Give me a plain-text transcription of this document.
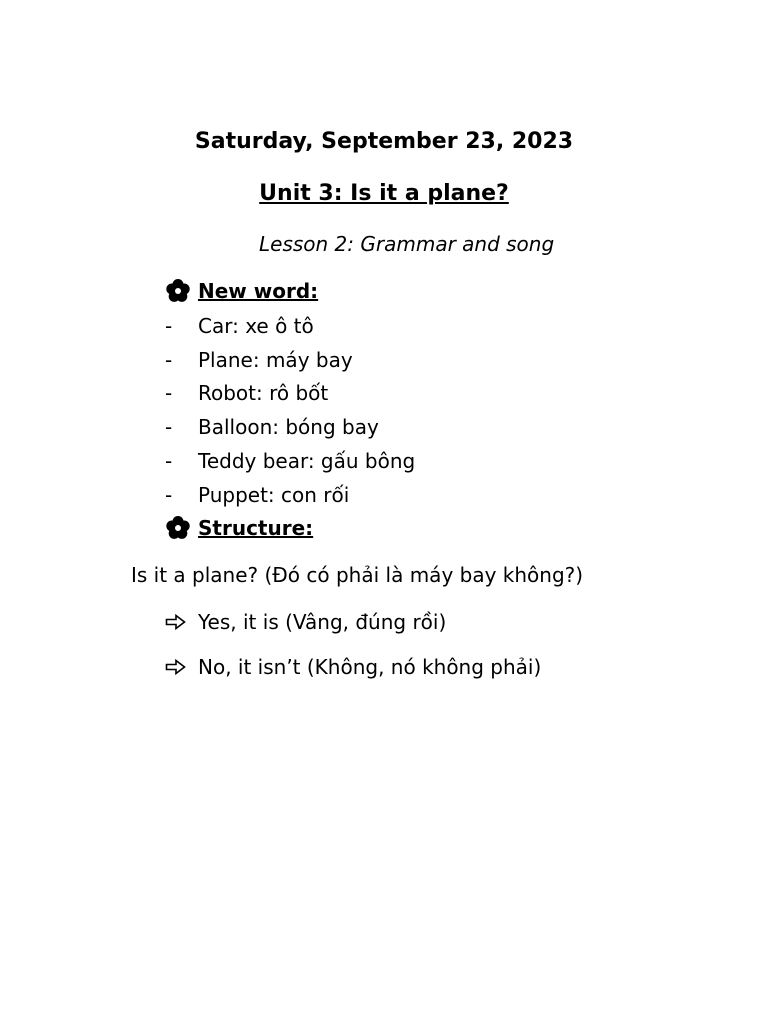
Saturday, September 23, 2023
Unit 3: Is it a plane?
Lesson 2: Grammar and song
New word:
-	Car: xe ô tô
-	Plane: máy bay
-	Robot: rô bốt
-	Balloon: bóng bay
-	Teddy bear: gấu bông
-	Puppet: con rối
Structure:
Is it a plane? (Đó có phải là máy bay không?)
Yes, it is (Vâng, đúng rồi)
No, it isn’t (Không, nó không phải)
